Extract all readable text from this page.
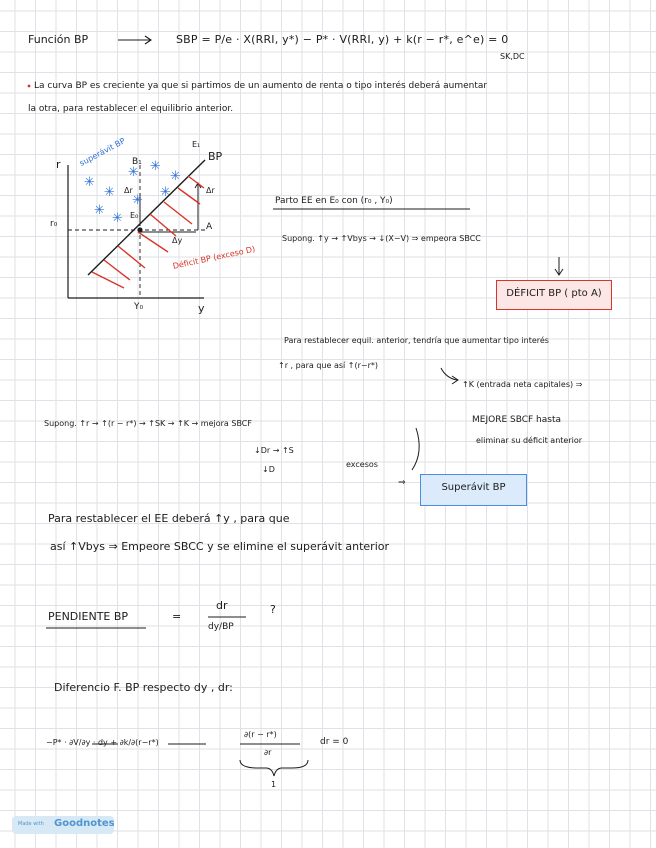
Función BP
✳
✳
✳ ✳
✳
✳
✳
✳
✳
SBP = P/e · X(RRI, y*) − P* · V(RRI, y) + k(r − r*, e^e) = 0
SK,DC
La curva BP es creciente ya que si partimos de un aumento de renta o tipo interés deberá aumentar
la otra, para restablecer el equilibrio anterior.
r
y
BP
E₁
B₁
E₀
A
r₀
Y₀
Δr
Δr
Δy
superávit BP
Déficit BP (exceso D)
Parto EE en E₀ con (r₀ , Y₀)
Supong. ↑y → ↑Vbys → ↓(X−V) ⇒ empeora SBCC
DÉFICIT BP ( pto A)
Para restablecer equil. anterior, tendría que aumentar tipo interés
↑r , para que así ↑(r−r*)
↑K (entrada neta capitales) ⇒
MEJORE SBCF hasta
eliminar su déficit anterior
Supong. ↑r → ↑(r − r*) → ↑SK → ↑K → mejora SBCF
↓Dr → ↑S
↓D
excesos
⇒	Superávit BP
Para restablecer el EE deberá ↑y , para que
así ↑Vbys ⇒ Empeore SBCC y se elimine el superávit anterior
PENDIENTE BP	=
dr
dy/BP
?
Diferencio F. BP respecto dy , dr:
−P* · ∂V/∂y · dy + ∂k/∂(r−r*)
∂(r − r*)
∂r
dr = 0
1
Made with Goodnotes
